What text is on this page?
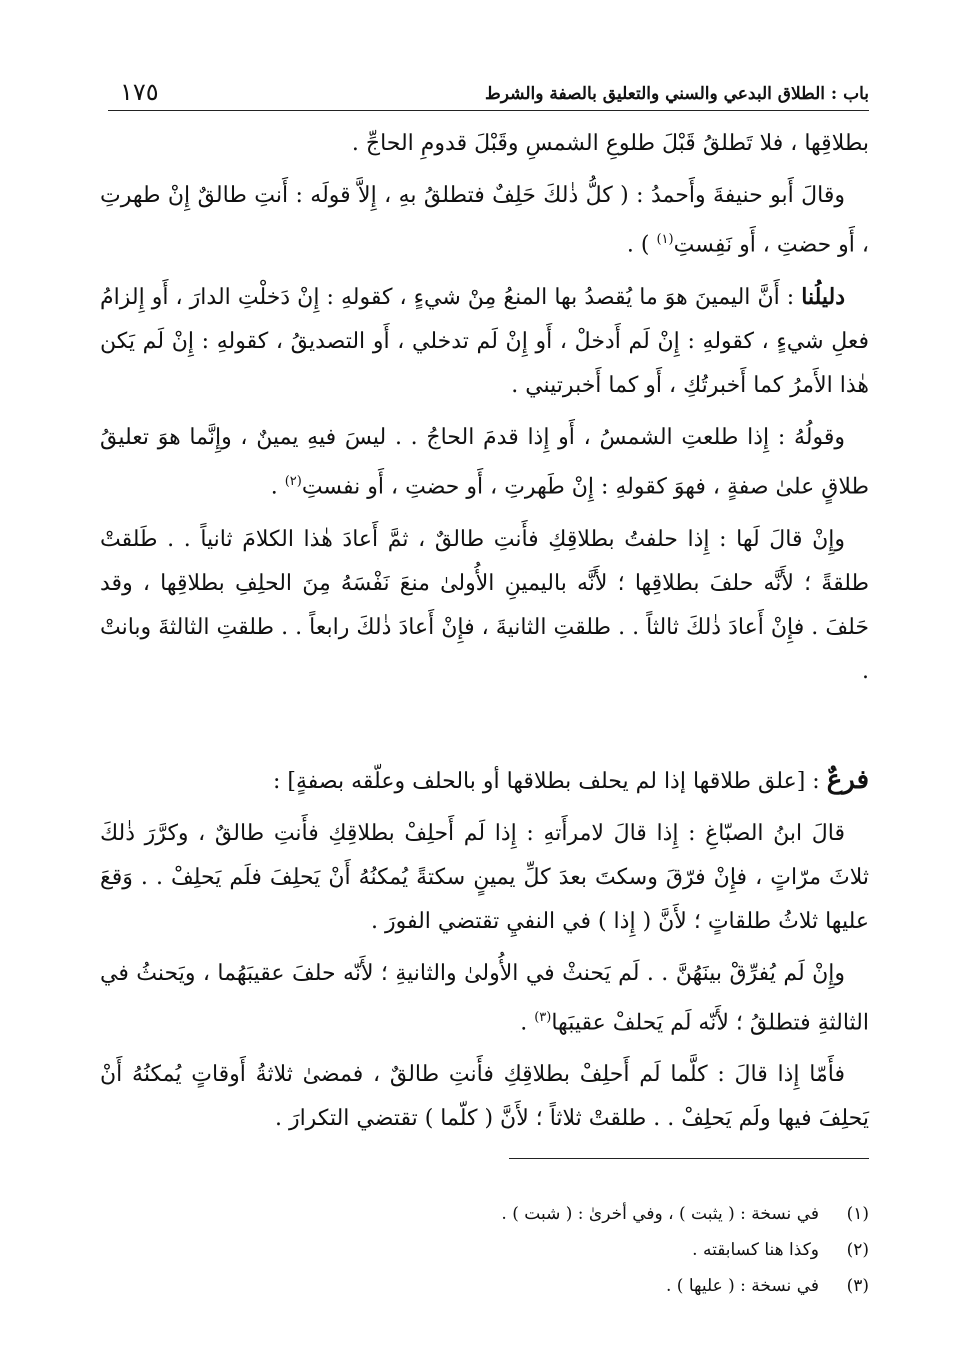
١٧٥	باب : الطلاق البدعي والسني والتعليق بالصفة والشرط

بطلاقِها ، فلا تَطلقُ قَبْلَ طلوعِ الشمسِ وقَبْلَ قدومِ الحاجِّ .

وقالَ أَبو حنيفةَ وأَحمدُ : ( كلُّ ذٰلكَ حَلِفٌ فتطلقُ بهِ ، إِلاَّ قولَه : أَنتِ طالقٌ إِنْ طهرتِ ، أَو حضتِ ، أَو نَفِستِ$^{(١)}$ ) .

دليلُنا : أَنَّ اليمينَ هوَ ما يُقصدُ بها المنعُ مِنْ شيءٍ ، كقولهِ : إِنْ دَخلْتِ الدارَ ، أَو إِلزامُ فعلِ شيءٍ ، كقولهِ : إِنْ لَم أَدخلْ ، أَو إِنْ لَم تدخلي ، أَو التصديقُ ، كقولهِ : إِنْ لَم يَكن هٰذا الأَمرُ كما أَخبرتُكِ ، أَو كما أَخبرتيني .

وقولُهُ : إِذا طلعتِ الشمسُ ، أَو إِذا قدمَ الحاجُ . . ليسَ فيهِ يمينٌ ، وإِنَّما هوَ تعليقُ طلاقٍ علىٰ صفةٍ ، فهوَ كقولهِ : إِنْ طَهرتِ ، أَو حضتِ ، أَو نفستِ$^{(٢)}$ .

وإِنْ قالَ لَها : إِذا حلفتُ بطلاقِكِ فأَنتِ طالقٌ ، ثمَّ أَعادَ هٰذا الكلامَ ثانياً . . طَلقتْ طلقةً ؛ لأَنَّه حلفَ بطلاقِها ؛ لأَنَّه باليمينِ الأُولىٰ منعَ نَفْسَهُ مِنَ الحلِفِ بطلاقِها ، وقد حَلفَ . فإِنْ أَعادَ ذٰلكَ ثالثاً . . طلقتِ الثانيةَ ، فإِنْ أَعادَ ذٰلكَ رابعاً . . طلقتِ الثالثةَ وبانتْ .

فرعٌ : [علق طلاقها إذا لم يحلف بطلاقها أو بالحلف وعلّقه بصفةٍ] :

قالَ ابنُ الصبّاغِ : إِذا قالَ لامرأَتهِ : إِذا لَم أَحلِفْ بطلاقِكِ فأَنتِ طالقٌ ، وكرَّرَ ذٰلكَ ثلاثَ مرّاتٍ ، فإِنْ فرّقَ وسكتَ بعدَ كلِّ يمينٍ سكتةً يُمكنُهُ أَنْ يَحلِفَ فلَم يَحلِفْ . . وَقعَ عليها ثلاثُ طلقاتٍ ؛ لأَنَّ ( إِذا ) في النفيِ تقتضي الفورَ .

وإِنْ لَم يُفرِّقْ بينَهُنَّ . . لَم يَحنثْ في الأُولىٰ والثانيةِ ؛ لأَنّه حلفَ عقيبَهُما ، ويَحنثُ في الثالثةِ فتطلقُ ؛ لأَنّه لَم يَحلفْ عقيبَها$^{(٣)}$ .

فأَمّا إِذا قالَ : كلَّما لَم أَحلِفْ بطلاقِكِ فأَنتِ طالقٌ ، فمضىٰ ثلاثةُ أَوقاتٍ يُمكنُهُ أَنْ يَحلِفَ فيها ولَم يَحلِفْ . . طلقتْ ثلاثاً ؛ لأَنَّ ( كلّما ) تقتضي التكرارَ .

(١)
في نسخة : ( يثبت ) ، وفي أخرىٰ : ( شبت ) .
(٢)
وكذا هنا كسابقته .
(٣)
في نسخة : ( عليها ) .
